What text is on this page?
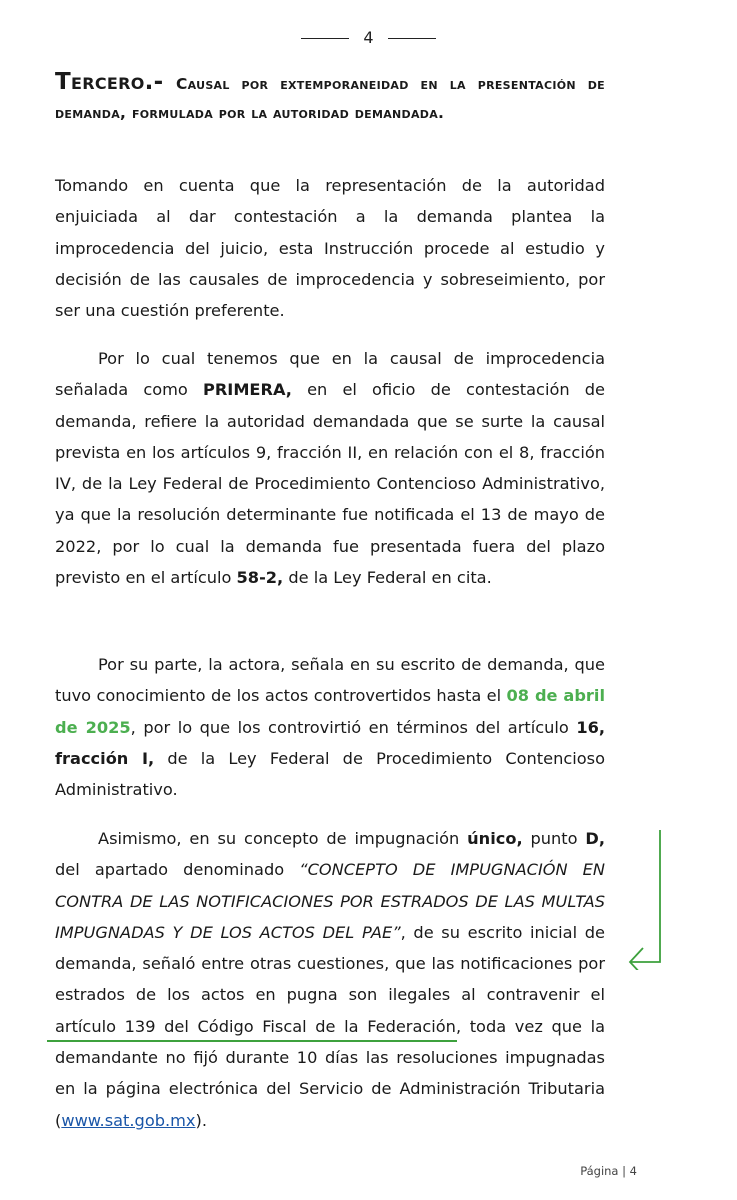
4
Tercero.- Causal por extemporaneidad en la presentación de demanda, formulada por la autoridad demandada.
Tomando en cuenta que la representación de la autoridad enjuiciada al dar contestación a la demanda plantea la improcedencia del juicio, esta Instrucción procede al estudio y decisión de las causales de improcedencia y sobreseimiento, por ser una cuestión preferente.
Por lo cual tenemos que en la causal de improcedencia señalada como PRIMERA, en el oficio de contestación de demanda, refiere la autoridad demandada que se surte la causal prevista en los artículos 9, fracción II, en relación con el 8, fracción IV, de la Ley Federal de Procedimiento Contencioso Administrativo, ya que la resolución determinante fue notificada el 13 de mayo de 2022, por lo cual la demanda fue presentada fuera del plazo previsto en el artículo 58-2, de la Ley Federal en cita.
Por su parte, la actora, señala en su escrito de demanda, que tuvo conocimiento de los actos controvertidos hasta el 08 de abril de 2025, por lo que los controvirtió en términos del artículo 16, fracción I, de la Ley Federal de Procedimiento Contencioso Administrativo.
Asimismo, en su concepto de impugnación único, punto D, del apartado denominado “CONCEPTO DE IMPUGNACIÓN EN CONTRA DE LAS NOTIFICACIONES POR ESTRADOS DE LAS MULTAS IMPUGNADAS Y DE LOS ACTOS DEL PAE”, de su escrito inicial de demanda, señaló entre otras cuestiones, que las notificaciones por estrados de los actos en pugna son ilegales al contravenir el artículo 139 del Código Fiscal de la Federación, toda vez que la demandante no fijó durante 10 días las resoluciones impugnadas en la página electrónica del Servicio de Administración Tributaria (www.sat.gob.mx).
Página | 4
